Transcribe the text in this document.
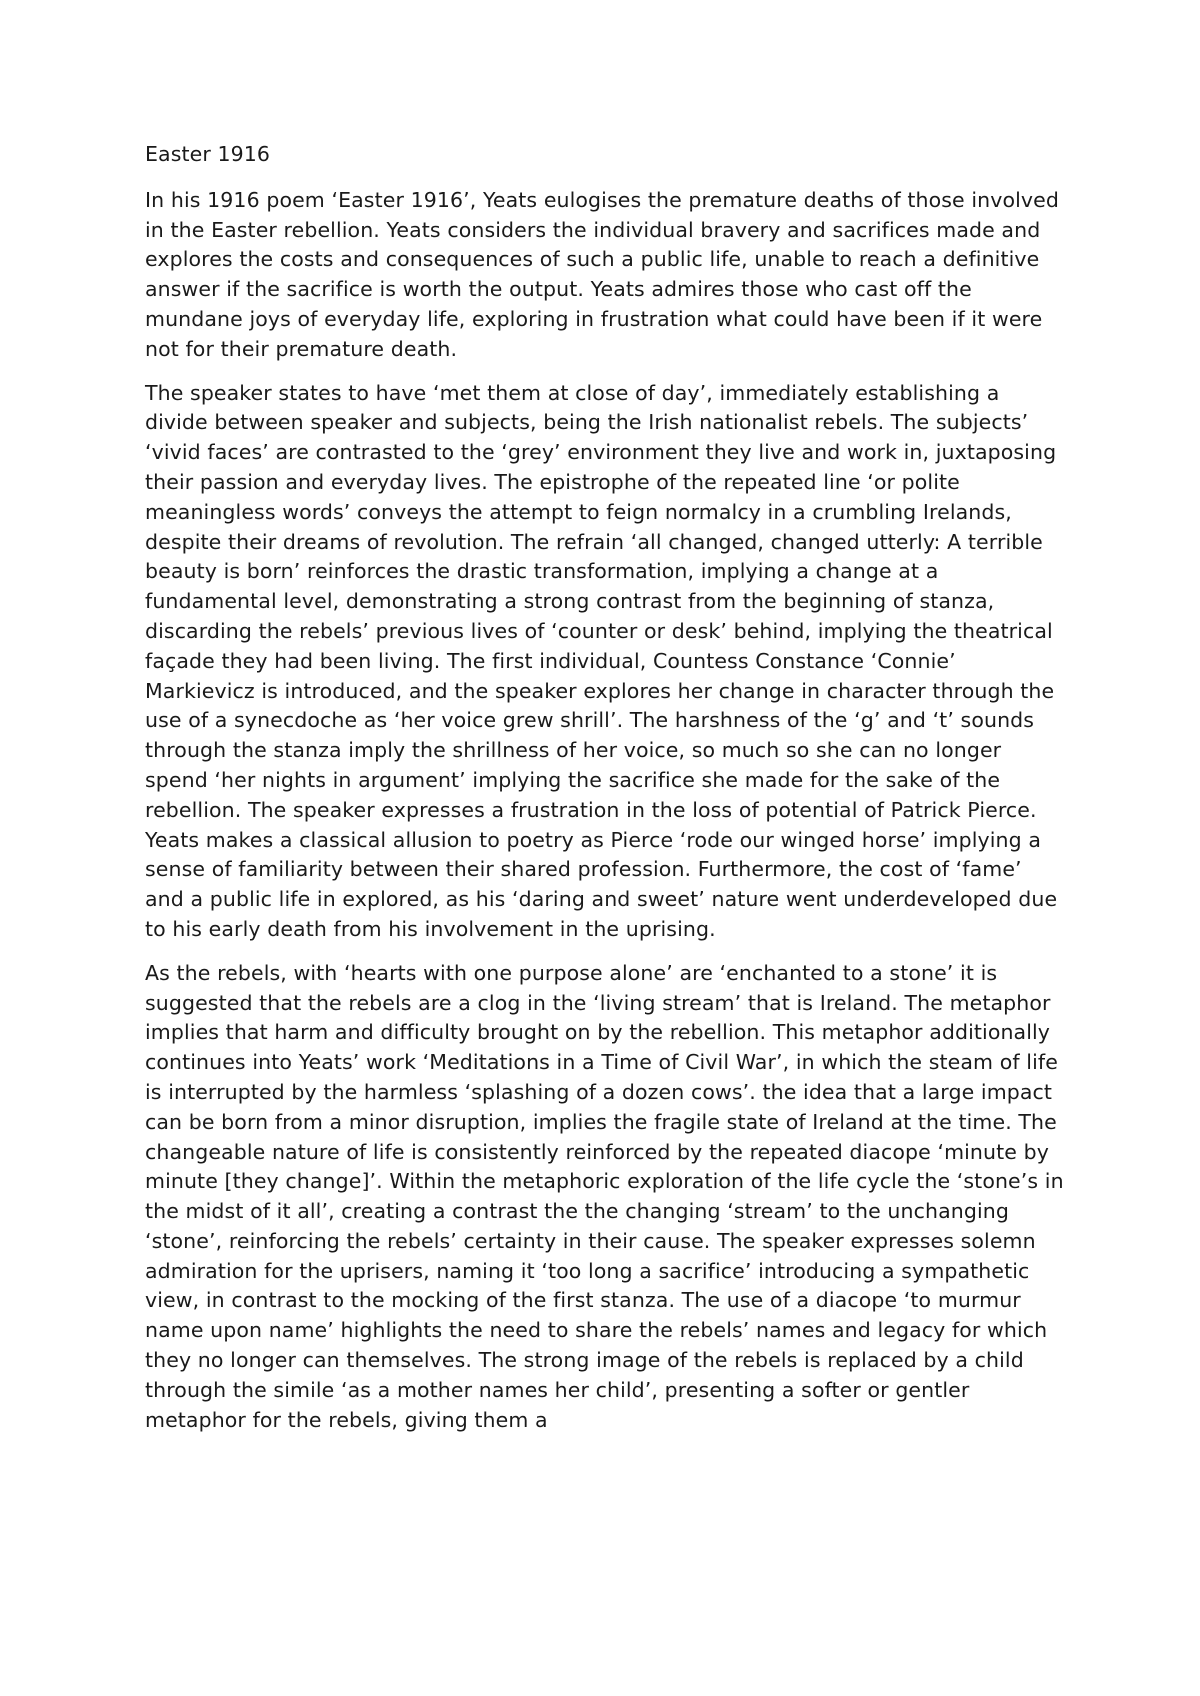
Easter 1916

In his 1916 poem ‘Easter 1916’, Yeats eulogises the premature deaths of those involved in the Easter rebellion. Yeats considers the individual bravery and sacrifices made and explores the costs and consequences of such a public life, unable to reach a definitive answer if the sacrifice is worth the output. Yeats admires those who cast off the mundane joys of everyday life, exploring in frustration what could have been if it were not for their premature death.

The speaker states to have ‘met them at close of day’, immediately establishing a divide between speaker and subjects, being the Irish nationalist rebels. The subjects’ ‘vivid faces’ are contrasted to the ‘grey’ environment they live and work in, juxtaposing their passion and everyday lives. The epistrophe of the repeated line ‘or polite meaningless words’ conveys the attempt to feign normalcy in a crumbling Irelands, despite their dreams of revolution. The refrain ‘all changed, changed utterly: A terrible beauty is born’ reinforces the drastic transformation, implying a change at a fundamental level, demonstrating a strong contrast from the beginning of stanza, discarding the rebels’ previous lives of ‘counter or desk’ behind, implying the theatrical façade they had been living. The first individual, Countess Constance ‘Connie’ Markievicz is introduced, and the speaker explores her change in character through the use of a synecdoche as ‘her voice grew shrill’. The harshness of the ‘g’ and ‘t’ sounds through the stanza imply the shrillness of her voice, so much so she can no longer spend ‘her nights in argument’ implying the sacrifice she made for the sake of the rebellion. The speaker expresses a frustration in the loss of potential of Patrick Pierce. Yeats makes a classical allusion to poetry as Pierce ‘rode our winged horse’ implying a sense of familiarity between their shared profession. Furthermore, the cost of ‘fame’ and a public life in explored, as his ‘daring and sweet’ nature went underdeveloped due to his early death from his involvement in the uprising.

As the rebels, with ‘hearts with one purpose alone’ are ‘enchanted to a stone’ it is suggested that the rebels are a clog in the ‘living stream’ that is Ireland. The metaphor implies that harm and difficulty brought on by the rebellion. This metaphor additionally continues into Yeats’ work ‘Meditations in a Time of Civil War’, in which the steam of life is interrupted by the harmless ‘splashing of a dozen cows’. the idea that a large impact can be born from a minor disruption, implies the fragile state of Ireland at the time. The changeable nature of life is consistently reinforced by the repeated diacope ‘minute by minute [they change]’. Within the metaphoric exploration of the life cycle the ‘stone’s in the midst of it all’, creating a contrast the the changing ‘stream’ to the unchanging ‘stone’, reinforcing the rebels’ certainty in their cause. The speaker expresses solemn admiration for the uprisers, naming it ‘too long a sacrifice’ introducing a sympathetic view, in contrast to the mocking of the first stanza. The use of a diacope ‘to murmur name upon name’ highlights the need to share the rebels’ names and legacy for which they no longer can themselves. The strong image of the rebels is replaced by a child through the simile ‘as a mother names her child’, presenting a softer or gentler metaphor for the rebels, giving them a
